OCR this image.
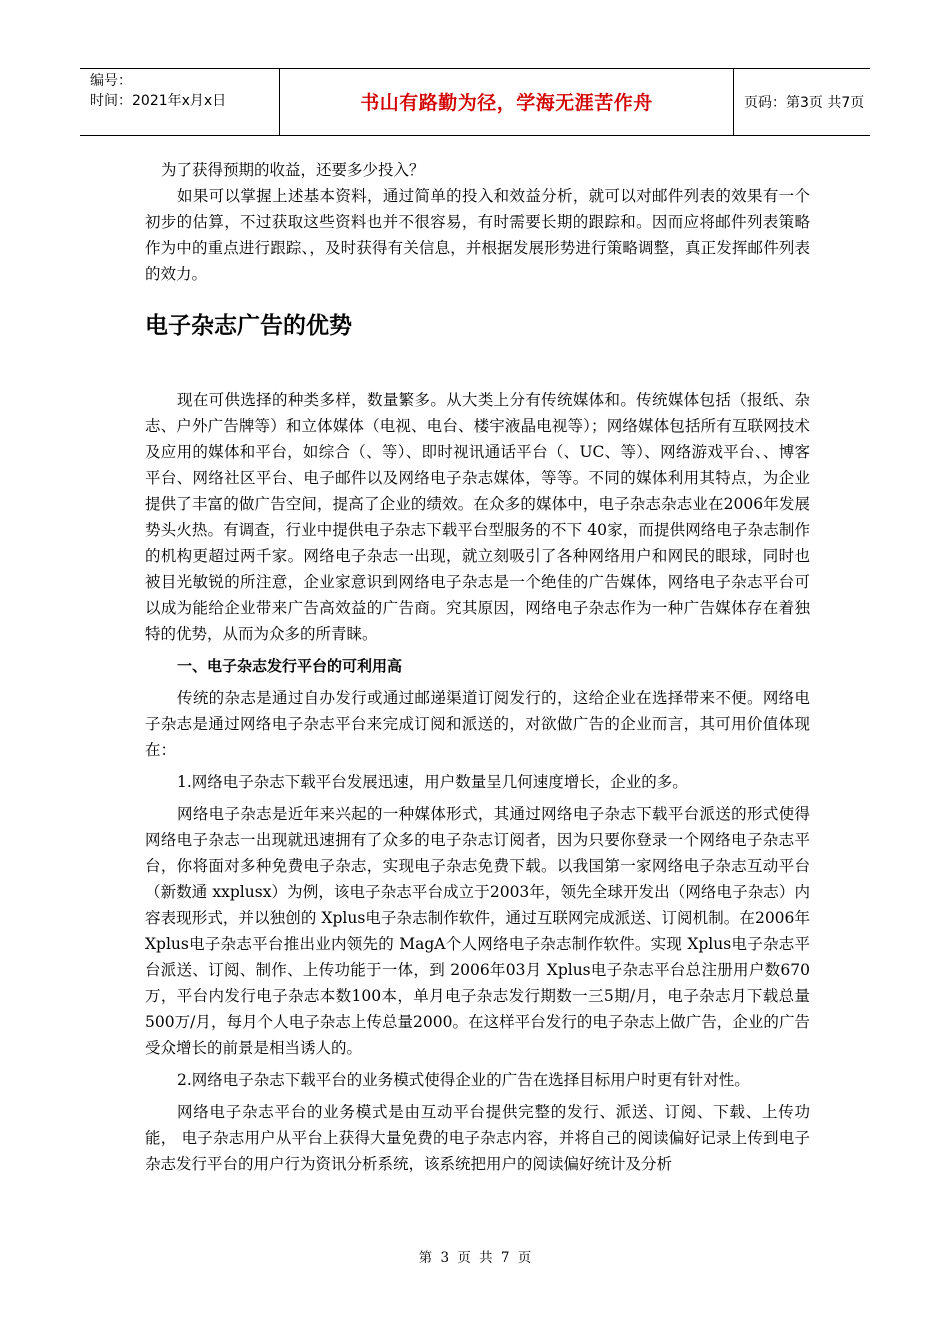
编号：
时间：2021年x月x日	书山有路勤为径，学海无涯苦作舟	页码：第3页 共7页

为了获得预期的收益，还要多少投入？

如果可以掌握上述基本资料，通过简单的投入和效益分析，就可以对邮件列表的效果有一个初步的估算，不过获取这些资料也并不很容易，有时需要长期的跟踪和。因而应将邮件列表策略作为中的重点进行跟踪、，及时获得有关信息，并根据发展形势进行策略调整，真正发挥邮件列表的效力。

电子杂志广告的优势

现在可供选择的种类多样，数量繁多。从大类上分有传统媒体和。传统媒体包括（报纸、杂志、户外广告牌等）和立体媒体（电视、电台、楼宇液晶电视等）；网络媒体包括所有互联网技术及应用的媒体和平台，如综合（、等）、即时视讯通话平台（、UC、等）、网络游戏平台、、博客平台、网络社区平台、电子邮件以及网络电子杂志媒体，等等。不同的媒体利用其特点，为企业提供了丰富的做广告空间，提高了企业的绩效。在众多的媒体中，电子杂志杂志业在2006年发展势头火热。有调查，行业中提供电子杂志下载平台型服务的不下 40家，而提供网络电子杂志制作的机构更超过两千家。网络电子杂志一出现，就立刻吸引了各种网络用户和网民的眼球，同时也被目光敏锐的所注意，企业家意识到网络电子杂志是一个绝佳的广告媒体，网络电子杂志平台可以成为能给企业带来广告高效益的广告商。究其原因，网络电子杂志作为一种广告媒体存在着独特的优势，从而为众多的所青睐。

一、电子杂志发行平台的可利用高

传统的杂志是通过自办发行或通过邮递渠道订阅发行的，这给企业在选择带来不便。网络电子杂志是通过网络电子杂志平台来完成订阅和派送的，对欲做广告的企业而言，其可用价值体现在：

1.网络电子杂志下载平台发展迅速，用户数量呈几何速度增长，企业的多。

网络电子杂志是近年来兴起的一种媒体形式，其通过网络电子杂志下载平台派送的形式使得网络电子杂志一出现就迅速拥有了众多的电子杂志订阅者，因为只要你登录一个网络电子杂志平台，你将面对多种免费电子杂志，实现电子杂志免费下载。以我国第一家网络电子杂志互动平台（新数通 xxplusx）为例，该电子杂志平台成立于2003年，领先全球开发出（网络电子杂志）内容表现形式，并以独创的 Xplus电子杂志制作软件，通过互联网完成派送、订阅机制。在2006年 Xplus电子杂志平台推出业内领先的 MagA个人网络电子杂志制作软件。实现 Xplus电子杂志平台派送、订阅、制作、上传功能于一体，到 2006年03月 Xplus电子杂志平台总注册用户数670万，平台内发行电子杂志本数100本，单月电子杂志发行期数一三5期/月，电子杂志月下载总量 500万/月，每月个人电子杂志上传总量2000。在这样平台发行的电子杂志上做广告，企业的广告受众增长的前景是相当诱人的。

2.网络电子杂志下载平台的业务模式使得企业的广告在选择目标用户时更有针对性。

网络电子杂志平台的业务模式是由互动平台提供完整的发行、派送、订阅、下载、上传功能， 电子杂志用户从平台上获得大量免费的电子杂志内容，并将自己的阅读偏好记录上传到电子杂志发行平台的用户行为资讯分析系统，该系统把用户的阅读偏好统计及分析

第 3 页 共 7 页
